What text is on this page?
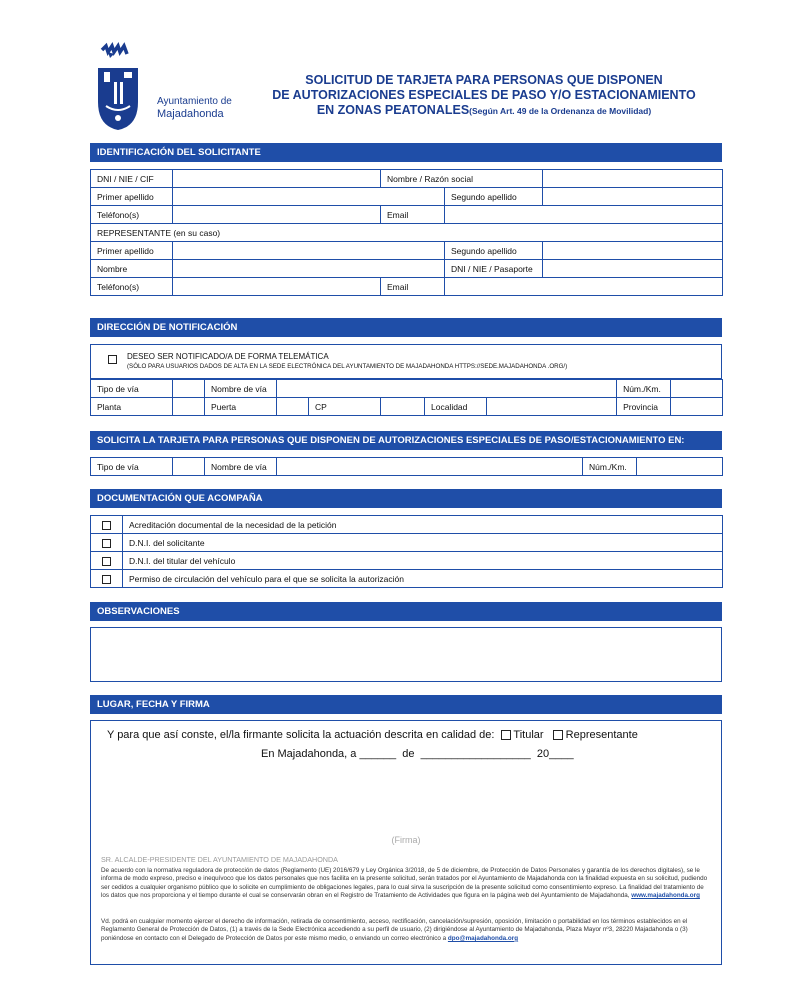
Ayuntamiento de
Majadahonda
SOLICITUD DE TARJETA PARA PERSONAS QUE DISPONEN
DE AUTORIZACIONES ESPECIALES DE PASO Y/O ESTACIONAMIENTO
EN ZONAS PEATONALES(Según Art. 49 de la Ordenanza de Movilidad)
IDENTIFICACIÓN DEL SOLICITANTE
DNI / NIE / CIF		Nombre / Razón social		
Primer apellido			Segundo apellido	
Teléfono(s)		Email		
REPRESENTANTE (en su caso)				
Primer apellido			Segundo apellido	
Nombre			DNI / NIE / Pasaporte	
Teléfono(s)		Email		
DIRECCIÓN DE NOTIFICACIÓN
DESEO SER NOTIFICADO/A DE FORMA TELEMÁTICA
(SÓLO PARA USUARIOS DADOS DE ALTA EN LA SEDE ELECTRÓNICA DEL AYUNTAMIENTO DE MAJADAHONDA HTTPS://SEDE.MAJADAHONDA .ORG/)
Tipo de vía		Nombre de vía						Núm./Km.	
Planta		Puerta		CP		Localidad		Provincia	
SOLICITA LA TARJETA PARA PERSONAS QUE DISPONEN DE AUTORIZACIONES ESPECIALES DE PASO/ESTACIONAMIENTO EN:
Tipo de vía		Nombre de vía		Núm./Km.	
DOCUMENTACIÓN QUE ACOMPAÑA
	Acreditación documental de la necesidad de la petición
	D.N.I. del solicitante
	D.N.I. del titular del vehículo
	Permiso de circulación del vehículo para el que se solicita la autorización
OBSERVACIONES
LUGAR, FECHA Y FIRMA
Y para que así conste, el/la firmante solicita la actuación descrita en calidad de: Titular Representante
En Majadahonda, a ______  de  __________________  20____
(Firma)
SR. ALCALDE-PRESIDENTE DEL AYUNTAMIENTO DE MAJADAHONDA
De acuerdo con la normativa reguladora de protección de datos (Reglamento (UE) 2016/679 y Ley Orgánica 3/2018, de 5 de diciembre, de Protección de Datos Personales y garantía de los derechos digitales), se le informa de modo expreso, preciso e inequívoco que los datos personales que nos facilita en la presente solicitud, serán tratados por el Ayuntamiento de Majadahonda con la finalidad expuesta en su solicitud, pudiendo ser cedidos a cualquier organismo público que lo solicite en cumplimiento de obligaciones legales, para lo cual sirva la suscripción de la presente solicitud como consentimiento expreso. La finalidad del tratamiento de los datos que nos proporciona y el tiempo durante el cual se conservarán obran en el Registro de Tratamiento de Actividades que figura en la página web del Ayuntamiento de Majadahonda, www.majadahonda.org
Vd. podrá en cualquier momento ejercer el derecho de información, retirada de consentimiento, acceso, rectificación, cancelación/supresión, oposición, limitación o portabilidad en los términos establecidos en el Reglamento General de Protección de Datos, (1) a través de la Sede Electrónica accediendo a su perfil de usuario, (2) dirigiéndose al Ayuntamiento de Majadahonda, Plaza Mayor nº3, 28220 Majadahonda o (3) poniéndose en contacto con el Delegado de Protección de Datos por este mismo medio, o enviando un correo electrónico a dpo@majadahonda.org
